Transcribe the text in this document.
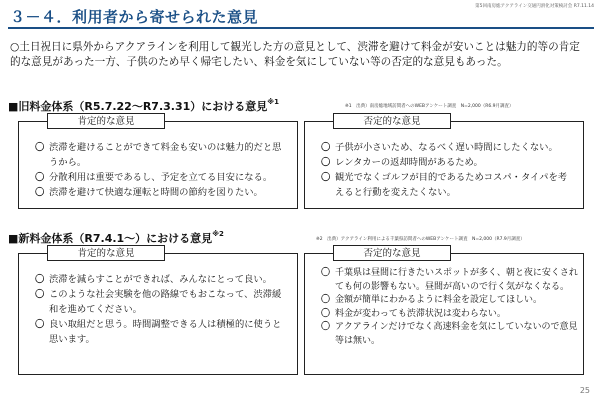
３－４．利用者から寄せられた意見
第5回南房総アクアライン交通円滑化対策検討会 R7.11.14
○土日祝日に県外からアクアラインを利用して観光した方の意見として、渋滞を避けて料金が安いことは魅力的等の肯定的な意見があった一方、子供のため早く帰宅したい、料金を気にしていない等の否定的な意見もあった。
■旧料金体系（R5.7.22～R7.3.31）における意見$^{※1}$
※1　出典）南房総地域訪問者へのWEBアンケート調査　N=2,000（R6.9月調査）
肯定的な意見
〇 渋滞を避けることができて料金も安いのは魅力的だと思うから。
〇 分散利用は重要であるし、予定を立てる目安になる。
〇 渋滞を避けて快適な運転と時間の節約を図りたい。
否定的な意見
〇 子供が小さいため、なるべく遅い時間にしたくない。
〇 レンタカーの返却時間があるため。
〇 観光でなくゴルフが目的であるためコスパ・タイパを考えると行動を変えたくない。
■新料金体系（R7.4.1～）における意見$^{※2}$
※2　出典）アクアライン利用による千葉県訪問者へのWEBアンケート調査　N=2,000（R7.9月調査）
肯定的な意見
〇 渋滞を減らすことができれば、みんなにとって良い。
〇 このような社会実験を他の路線でもおこなって、渋滞緩和を進めてください。
〇 良い取組だと思う。時間調整できる人は積極的に使うと思います。
否定的な意見
〇 千葉県は昼間に行きたいスポットが多く、朝と夜に安くされても何の影響もない。昼間が高いので行く気がなくなる。
〇 金額が簡単にわかるように料金を設定してほしい。
〇 料金が変わっても渋滞状況は変わらない。
〇 アクアラインだけでなく高速料金を気にしていないので意見等は無い。
25
